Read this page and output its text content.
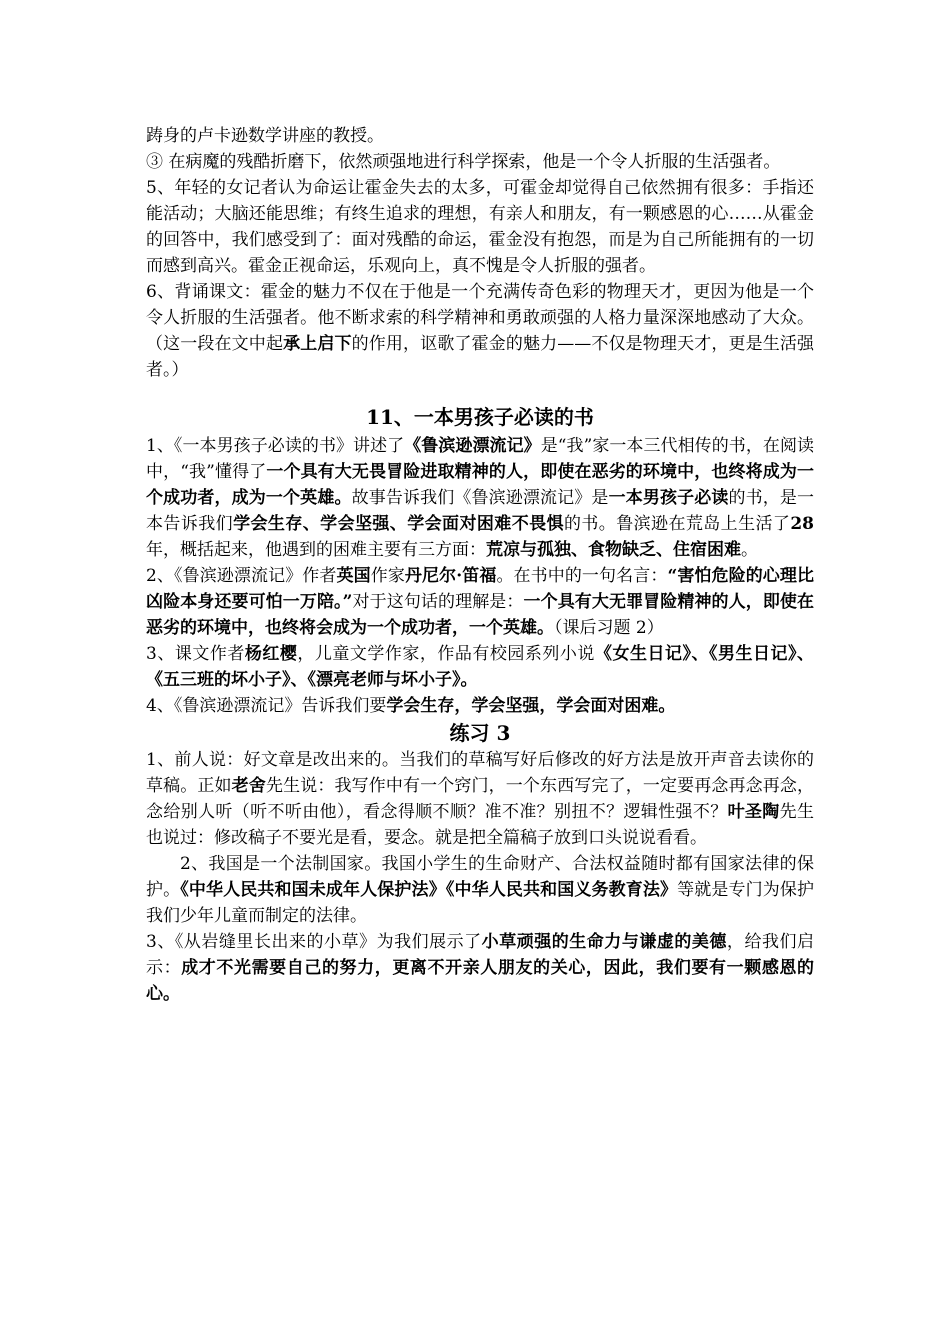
踌身的卢卡逊数学讲座的教授。

③ 在病魔的残酷折磨下，依然顽强地进行科学探索，他是一个令人折服的生活强者。

5、年轻的女记者认为命运让霍金失去的太多，可霍金却觉得自己依然拥有很多：手指还能活动；大脑还能思维；有终生追求的理想，有亲人和朋友，有一颗感恩的心……从霍金的回答中，我们感受到了：面对残酷的命运，霍金没有抱怨，而是为自己所能拥有的一切而感到高兴。霍金正视命运，乐观向上，真不愧是令人折服的强者。

6、背诵课文：霍金的魅力不仅在于他是一个充满传奇色彩的物理天才，更因为他是一个令人折服的生活强者。他不断求索的科学精神和勇敢顽强的人格力量深深地感动了大众。（这一段在文中起承上启下的作用，讴歌了霍金的魅力——不仅是物理天才，更是生活强者。）

11、一本男孩子必读的书

1、《一本男孩子必读的书》讲述了《鲁滨逊漂流记》是“我”家一本三代相传的书，在阅读中，“我”懂得了一个具有大无畏冒险进取精神的人，即使在恶劣的环境中，也终将成为一个成功者，成为一个英雄。故事告诉我们《鲁滨逊漂流记》是一本男孩子必读的书，是一本告诉我们学会生存、学会坚强、学会面对困难不畏惧的书。鲁滨逊在荒岛上生活了28年，概括起来，他遇到的困难主要有三方面：荒凉与孤独、食物缺乏、住宿困难。

2、《鲁滨逊漂流记》作者英国作家丹尼尔·笛福。在书中的一句名言：“害怕危险的心理比凶险本身还要可怕一万陪。”对于这句话的理解是：一个具有大无罪冒险精神的人，即使在恶劣的环境中，也终将会成为一个成功者，一个英雄。（课后习题 2）

3、课文作者杨红樱，儿童文学作家，作品有校园系列小说《女生日记》、《男生日记》、《五三班的坏小子》、《漂亮老师与坏小子》。

4、《鲁滨逊漂流记》告诉我们要学会生存，学会坚强，学会面对困难。

练习 3

1、前人说：好文章是改出来的。当我们的草稿写好后修改的好方法是放开声音去读你的草稿。正如老舍先生说：我写作中有一个窍门，一个东西写完了，一定要再念再念再念，念给别人听（听不听由他），看念得顺不顺？准不准？别扭不？逻辑性强不？叶圣陶先生也说过：修改稿子不要光是看，要念。就是把全篇稿子放到口头说说看看。

2、我国是一个法制国家。我国小学生的生命财产、合法权益随时都有国家法律的保护。《中华人民共和国未成年人保护法》《中华人民共和国义务教育法》等就是专门为保护我们少年儿童而制定的法律。

3、《从岩缝里长出来的小草》为我们展示了小草顽强的生命力与谦虚的美德，给我们启示：成才不光需要自己的努力，更离不开亲人朋友的关心，因此，我们要有一颗感恩的心。
